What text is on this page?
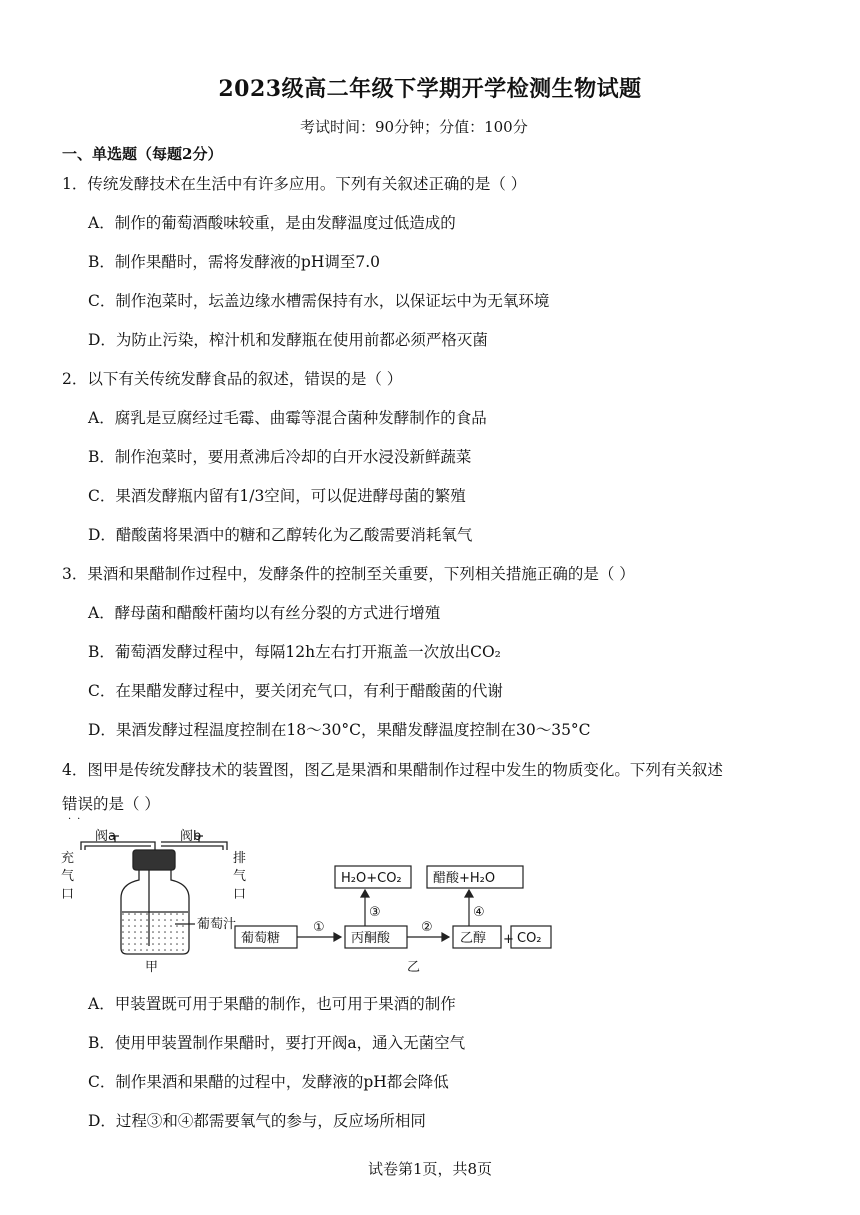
2023级高二年级下学期开学检测生物试题
考试时间：90分钟；分值：100分
一、单选题（每题2分）
1．传统发酵技术在生活中有许多应用。下列有关叙述正确的是（ ）
A．制作的葡萄酒酸味较重，是由发酵温度过低造成的
B．制作果醋时，需将发酵液的pH调至7.0
C．制作泡菜时，坛盖边缘水槽需保持有水，以保证坛中为无氧环境
D．为防止污染，榨汁机和发酵瓶在使用前都必须严格灭菌
2．以下有关传统发酵食品的叙述，错误的是（ ）
A．腐乳是豆腐经过毛霉、曲霉等混合菌种发酵制作的食品
B．制作泡菜时，要用煮沸后冷却的白开水浸没新鲜蔬菜
C．果酒发酵瓶内留有1/3空间，可以促进酵母菌的繁殖
D．醋酸菌将果酒中的糖和乙醇转化为乙酸需要消耗氧气
3．果酒和果醋制作过程中，发酵条件的控制至关重要，下列相关措施正确的是（ ）
A．酵母菌和醋酸杆菌均以有丝分裂的方式进行增殖
B．葡萄酒发酵过程中，每隔12h左右打开瓶盖一次放出CO₂
C．在果醋发酵过程中，要关闭充气口，有利于醋酸菌的代谢
D．果酒发酵过程温度控制在18～30°C，果醋发酵温度控制在30～35°C
4．图甲是传统发酵技术的装置图，图乙是果酒和果醋制作过程中发生的物质变化。下列有关叙述
错误的是（ ）
··
阀a	阀b
充
气
口
排
气
口
葡萄汁
甲
葡萄糖	丙酮酸	乙醇 + CO₂
H₂O+CO₂ 醋酸+H₂O
①	②
③	④
乙
A．甲装置既可用于果醋的制作，也可用于果酒的制作
B．使用甲装置制作果醋时，要打开阀a，通入无菌空气
C．制作果酒和果醋的过程中，发酵液的pH都会降低
D．过程③和④都需要氧气的参与，反应场所相同
试卷第1页，共8页
